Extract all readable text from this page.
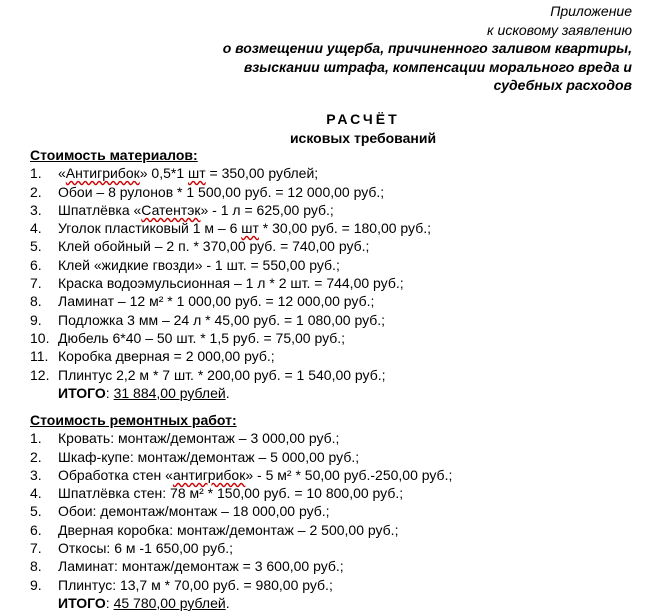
Приложение
к исковому заявлению
о возмещении ущерба, причиненного заливом квартиры,
взыскании штрафа, компенсации морального вреда и
судебных расходов
РАСЧЁТ
исковых требований
Стоимость материалов:
1.	«Антигрибок» 0,5*1 шт = 350,00 рублей;
2.	Обои – 8 рулонов * 1 500,00 руб. = 12 000,00 руб.;
3.	Шпатлёвка «Сатентэк» - 1 л = 625,00 руб.;
4.	Уголок пластиковый 1 м – 6 шт * 30,00 руб. = 180,00 руб.;
5.	Клей обойный – 2 п. * 370,00 руб. = 740,00 руб.;
6.	Клей «жидкие гвозди» - 1 шт. = 550,00 руб.;
7.	Краска водоэмульсионная – 1 л * 2 шт. = 744,00 руб.;
8.	Ламинат – 12 м² * 1 000,00 руб. = 12 000,00 руб.;
9.	Подложка 3 мм – 24 л * 45,00 руб. = 1 080,00 руб.;
10. Дюбель 6*40 – 50 шт. * 1,5 руб. = 75,00 руб.;
11. Коробка дверная = 2 000,00 руб.;
12. Плинтус 2,2 м * 7 шт. * 200,00 руб. = 1 540,00 руб.;
ИТОГО: 31 884,00 рублей.
Стоимость ремонтных работ:
1.	Кровать: монтаж/демонтаж – 3 000,00 руб.;
2.	Шкаф-купе: монтаж/демонтаж – 5 000,00 руб.;
3.	Обработка стен «антигрибок» - 5 м² * 50,00 руб.-250,00 руб.;
4.	Шпатлёвка стен: 78 м² * 150,00 руб. = 10 800,00 руб.;
5.	Обои: демонтаж/монтаж – 18 000,00 руб.;
6.	Дверная коробка: монтаж/демонтаж – 2 500,00 руб.;
7.	Откосы: 6 м -1 650,00 руб.;
8.	Ламинат: монтаж/демонтаж = 3 600,00 руб.;
9.	Плинтус: 13,7 м * 70,00 руб. = 980,00 руб.;
ИТОГО: 45 780,00 рублей.
